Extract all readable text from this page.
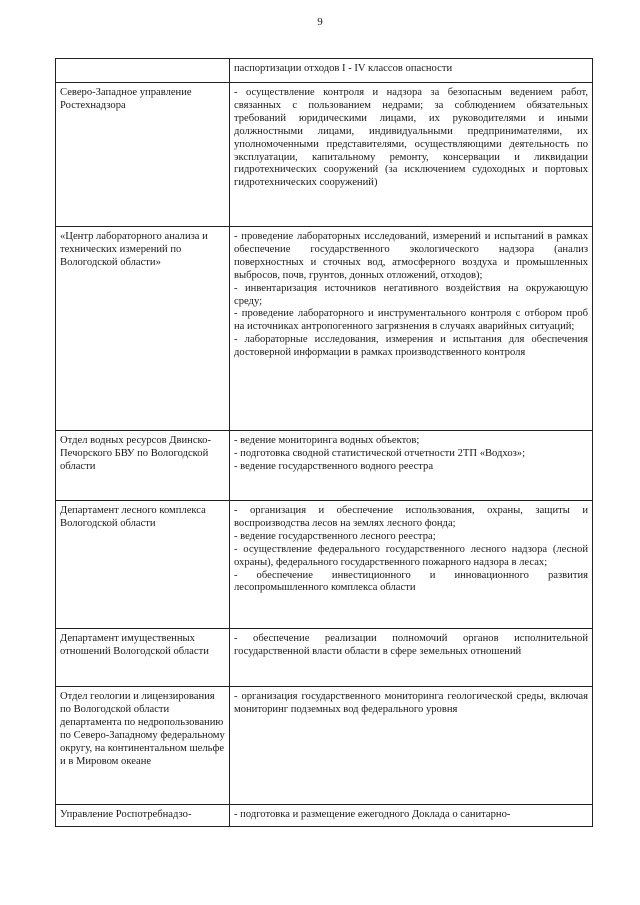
9

	паспортизации отходов I - IV классов опасности

Северо-Западное управление Ростехнадзора	- осуществление контроля и надзора за безопасным ведением работ, связанных с пользованием недрами; за соблюдением обязательных требований юридическими лицами, их руководителями и иными должностными лицами, индивидуальными предпринимателями, их уполномоченными представителями, осуществляющими деятельность по эксплуатации, капитальному ремонту, консервации и ликвидации гидротехнических сооружений (за исключением судоходных и портовых гидротехнических сооружений)

«Центр лабораторного анализа и технических измерений по Вологодской области»	- проведение лабораторных исследований, измерений и испытаний в рамках обеспечение государственного экологического надзора (анализ поверхностных и сточных вод, атмосферного воздуха и промышленных выбросов, почв, грунтов, донных отложений, отходов);
- инвентаризация источников негативного воздействия на окружающую среду;
- проведение лабораторного и инструментального контроля с отбором проб на источниках антропогенного загрязнения в случаях аварийных ситуаций;
- лабораторные исследования, измерения и испытания для обеспечения достоверной информации в рамках производственного контроля

Отдел водных ресурсов Двинско-Печорского БВУ по Вологодской области	- ведение мониторинга водных объектов;
- подготовка сводной статистической отчетности 2ТП «Водхоз»;
- ведение государственного водного реестра

Департамент лесного комплекса Вологодской области	- организация и обеспечение использования, охраны, защиты и воспроизводства лесов на землях лесного фонда;
- ведение государственного лесного реестра;
- осуществление федерального государственного лесного надзора (лесной охраны), федерального государственного пожарного надзора в лесах;
- обеспечение инвестиционного и инновационного развития лесопромышленного комплекса области

Департамент имущественных отношений Вологодской области	- обеспечение реализации полномочий органов исполнительной государственной власти области в сфере земельных отношений

Отдел геологии и лицензирования по Вологодской области департамента по недропользованию по Северо-Западному федеральному округу, на континентальном шельфе и в Мировом океане	- организация государственного мониторинга геологической среды, включая мониторинг подземных вод федерального уровня

Управление Роспотребнадзо-	- подготовка и размещение ежегодного Доклада о санитарно-
